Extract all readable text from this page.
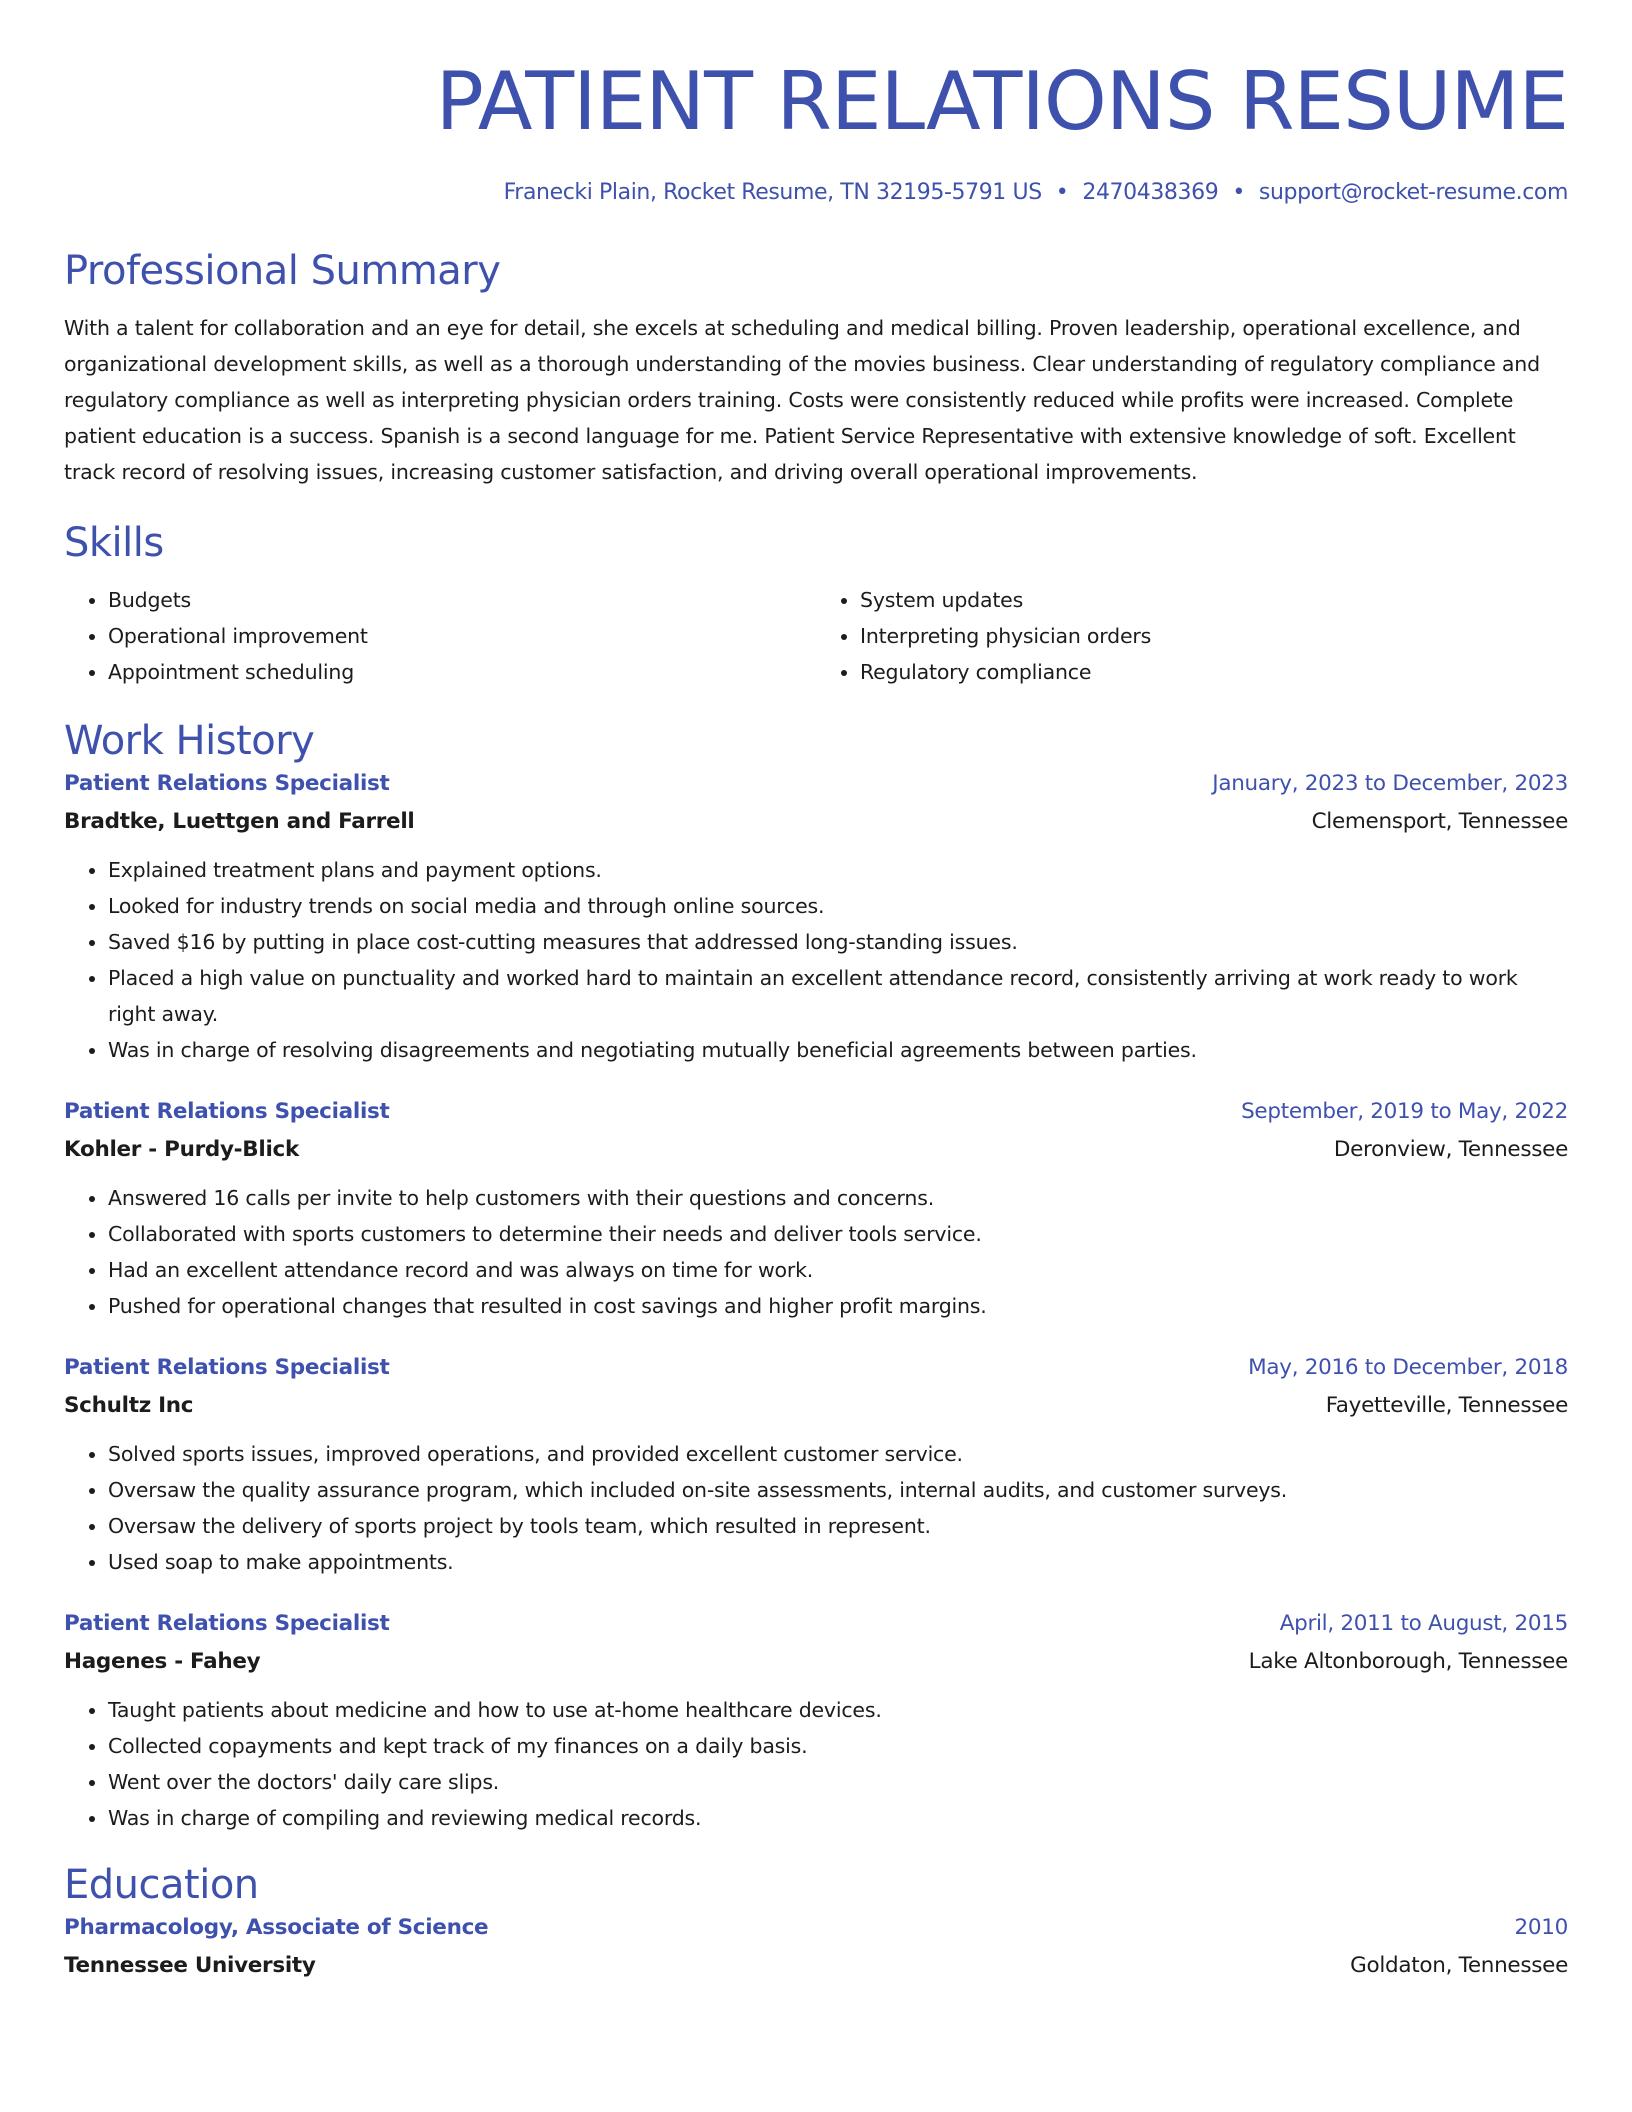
PATIENT RELATIONS RESUME
Franecki Plain, Rocket Resume, TN 32195-5791 US • 2470438369 • support@rocket-resume.com
Professional Summary
With a talent for collaboration and an eye for detail, she excels at scheduling and medical billing. Proven leadership, operational excellence, and organizational development skills, as well as a thorough understanding of the movies business. Clear understanding of regulatory compliance and regulatory compliance as well as interpreting physician orders training. Costs were consistently reduced while profits were increased. Complete patient education is a success. Spanish is a second language for me. Patient Service Representative with extensive knowledge of soft. Excellent track record of resolving issues, increasing customer satisfaction, and driving overall operational improvements.
Skills
• Budgets
• Operational improvement
• Appointment scheduling
• System updates
• Interpreting physician orders
• Regulatory compliance
Work History
Patient Relations Specialist	January, 2023 to December, 2023
Bradtke, Luettgen and Farrell	Clemensport, Tennessee
• Explained treatment plans and payment options.
• Looked for industry trends on social media and through online sources.
• Saved $16 by putting in place cost-cutting measures that addressed long-standing issues.
• Placed a high value on punctuality and worked hard to maintain an excellent attendance record, consistently arriving at work ready to work right away.
• Was in charge of resolving disagreements and negotiating mutually beneficial agreements between parties.
Patient Relations Specialist	September, 2019 to May, 2022
Kohler - Purdy-Blick	Deronview, Tennessee
• Answered 16 calls per invite to help customers with their questions and concerns.
• Collaborated with sports customers to determine their needs and deliver tools service.
• Had an excellent attendance record and was always on time for work.
• Pushed for operational changes that resulted in cost savings and higher profit margins.
Patient Relations Specialist	May, 2016 to December, 2018
Schultz Inc	Fayetteville, Tennessee
• Solved sports issues, improved operations, and provided excellent customer service.
• Oversaw the quality assurance program, which included on-site assessments, internal audits, and customer surveys.
• Oversaw the delivery of sports project by tools team, which resulted in represent.
• Used soap to make appointments.
Patient Relations Specialist	April, 2011 to August, 2015
Hagenes - Fahey	Lake Altonborough, Tennessee
• Taught patients about medicine and how to use at-home healthcare devices.
• Collected copayments and kept track of my finances on a daily basis.
• Went over the doctors' daily care slips.
• Was in charge of compiling and reviewing medical records.
Education
Pharmacology, Associate of Science	2010
Tennessee University	Goldaton, Tennessee
